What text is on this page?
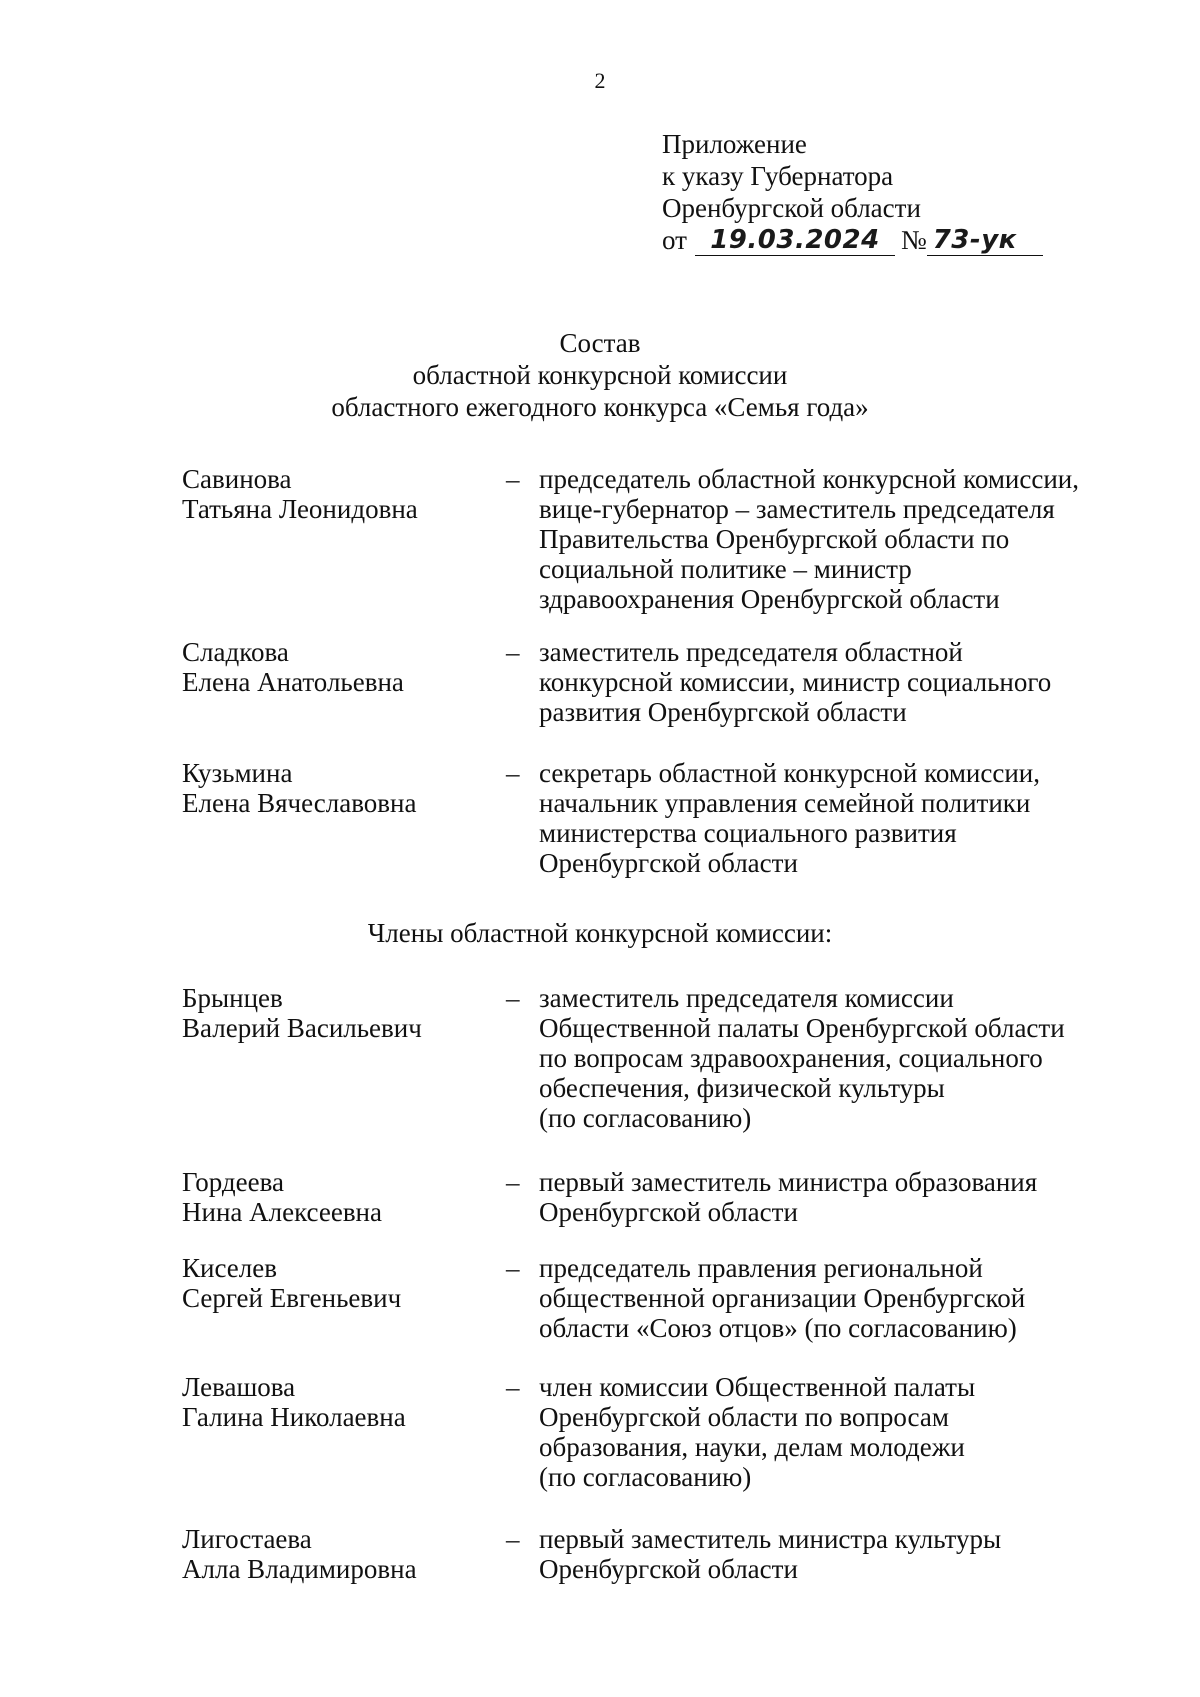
2
Приложение
к указу Губернатора
Оренбургской области
от 19.03.2024 № 73-ук
Состав
областной конкурсной комиссии
областного ежегодного конкурса «Семья года»
Савинова
Татьяна Леонидовна
– председатель областной конкурсной комиссии,
вице-губернатор – заместитель председателя
Правительства Оренбургской области по
социальной политике – министр
здравоохранения Оренбургской области
Сладкова
Елена Анатольевна
– заместитель председателя областной
конкурсной комиссии, министр социального
развития Оренбургской области
Кузьмина
Елена Вячеславовна
– секретарь областной конкурсной комиссии,
начальник управления семейной политики
министерства социального развития
Оренбургской области
Члены областной конкурсной комиссии:
Брынцев
Валерий Васильевич
– заместитель председателя комиссии
Общественной палаты Оренбургской области
по вопросам здравоохранения, социального
обеспечения, физической культуры
(по согласованию)
Гордеева
Нина Алексеевна
– первый заместитель министра образования
Оренбургской области
Киселев
Сергей Евгеньевич
– председатель правления региональной
общественной организации Оренбургской
области «Союз отцов» (по согласованию)
Левашова
Галина Николаевна
– член комиссии Общественной палаты
Оренбургской области по вопросам
образования, науки, делам молодежи
(по согласованию)
Лигостаева
Алла Владимировна
– первый заместитель министра культуры
Оренбургской области
